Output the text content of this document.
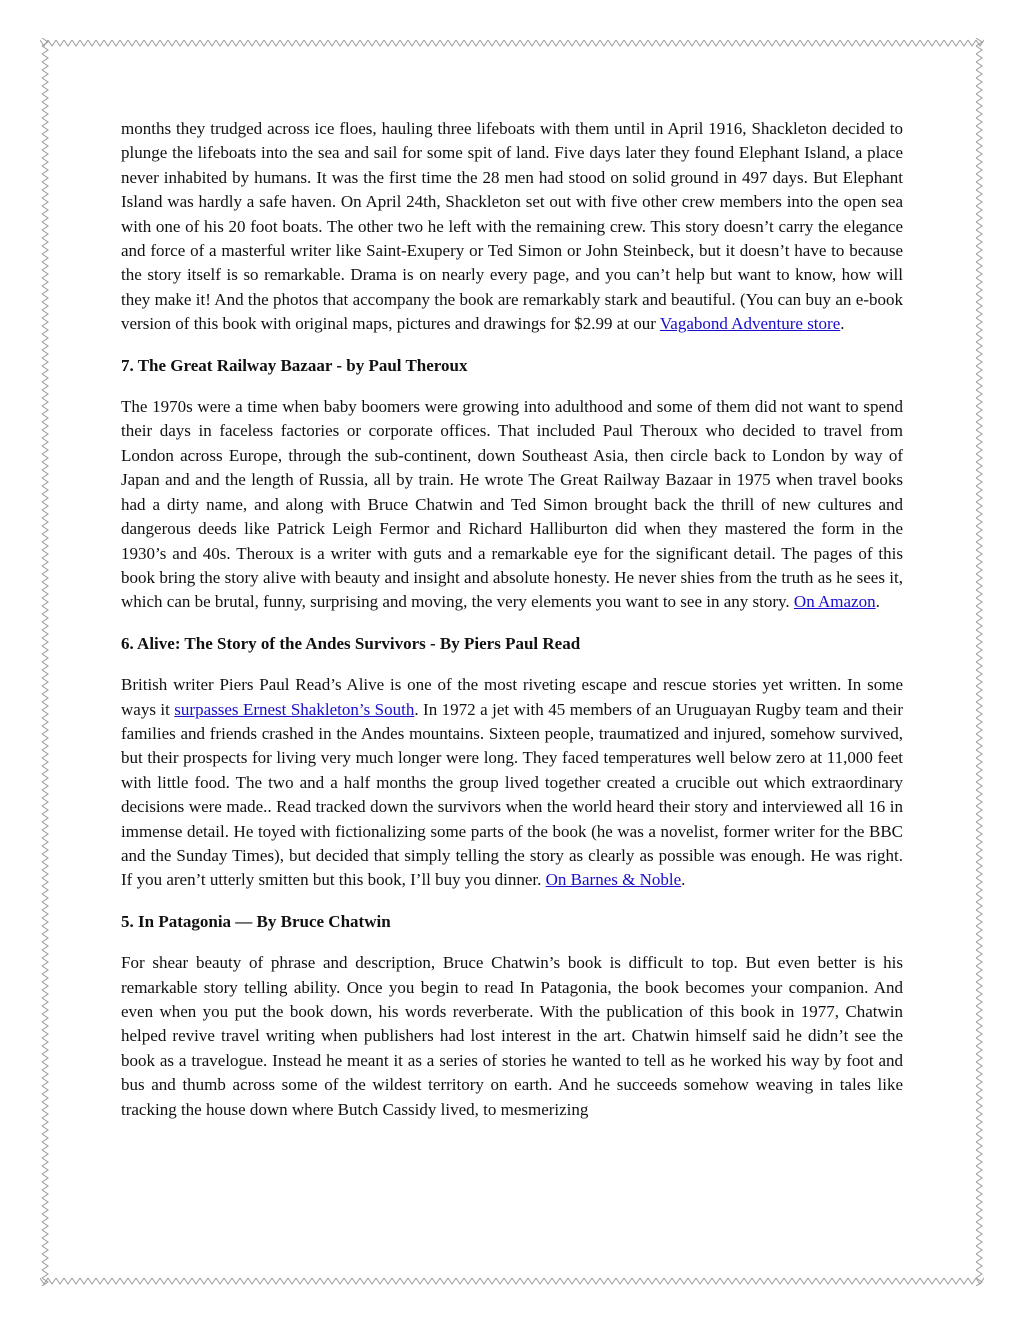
months they trudged across ice floes, hauling three lifeboats with them until in April 1916, Shackleton decided to plunge the lifeboats into the sea and sail for some spit of land. Five days later they found Elephant Island, a place never inhabited by humans. It was the first time the 28 men had stood on solid ground in 497 days. But Elephant Island was hardly a safe haven. On April 24th, Shackleton set out with five other crew members into the open sea with one of his 20 foot boats. The other two he left with the remaining crew. This story doesn’t carry the elegance and force of a masterful writer like Saint-Exupery or Ted Simon or John Steinbeck, but it doesn’t have to because the story itself is so remarkable. Drama is on nearly every page, and you can’t help but want to know, how will they make it! And the photos that accompany the book are remarkably stark and beautiful. (You can buy an e-book version of this book with original maps, pictures and drawings for $2.99 at our Vagabond Adventure store.

7. The Great Railway Bazaar - by Paul Theroux

The 1970s were a time when baby boomers were growing into adulthood and some of them did not want to spend their days in faceless factories or corporate offices. That included Paul Theroux who decided to travel from London across Europe, through the sub-continent, down Southeast Asia, then circle back to London by way of Japan and and the length of Russia, all by train. He wrote The Great Railway Bazaar in 1975 when travel books had a dirty name, and along with Bruce Chatwin and Ted Simon brought back the thrill of new cultures and dangerous deeds like Patrick Leigh Fermor and Richard Halliburton did when they mastered the form in the 1930’s and 40s. Theroux is a writer with guts and a remarkable eye for the significant detail. The pages of this book bring the story alive with beauty and insight and absolute honesty. He never shies from the truth as he sees it, which can be brutal, funny, surprising and moving, the very elements you want to see in any story. On Amazon.

6. Alive: The Story of the Andes Survivors - By Piers Paul Read

British writer Piers Paul Read’s Alive is one of the most riveting escape and rescue stories yet written. In some ways it surpasses Ernest Shakleton’s South. In 1972 a jet with 45 members of an Uruguayan Rugby team and their families and friends crashed in the Andes mountains. Sixteen people, traumatized and injured, somehow survived, but their prospects for living very much longer were long. They faced temperatures well below zero at 11,000 feet with little food. The two and a half months the group lived together created a crucible out which extraordinary decisions were made.. Read tracked down the survivors when the world heard their story and interviewed all 16 in immense detail. He toyed with fictionalizing some parts of the book (he was a novelist, former writer for the BBC and the Sunday Times), but decided that simply telling the story as clearly as possible was enough. He was right. If you aren’t utterly smitten but this book, I’ll buy you dinner. On Barnes & Noble.

5. In Patagonia — By Bruce Chatwin

For shear beauty of phrase and description, Bruce Chatwin’s book is difficult to top. But even better is his remarkable story telling ability. Once you begin to read In Patagonia, the book becomes your companion. And even when you put the book down, his words reverberate. With the publication of this book in 1977, Chatwin helped revive travel writing when publishers had lost interest in the art. Chatwin himself said he didn’t see the book as a travelogue. Instead he meant it as a series of stories he wanted to tell as he worked his way by foot and bus and thumb across some of the wildest territory on earth. And he succeeds somehow weaving in tales like tracking the house down where Butch Cassidy lived, to mesmerizing
